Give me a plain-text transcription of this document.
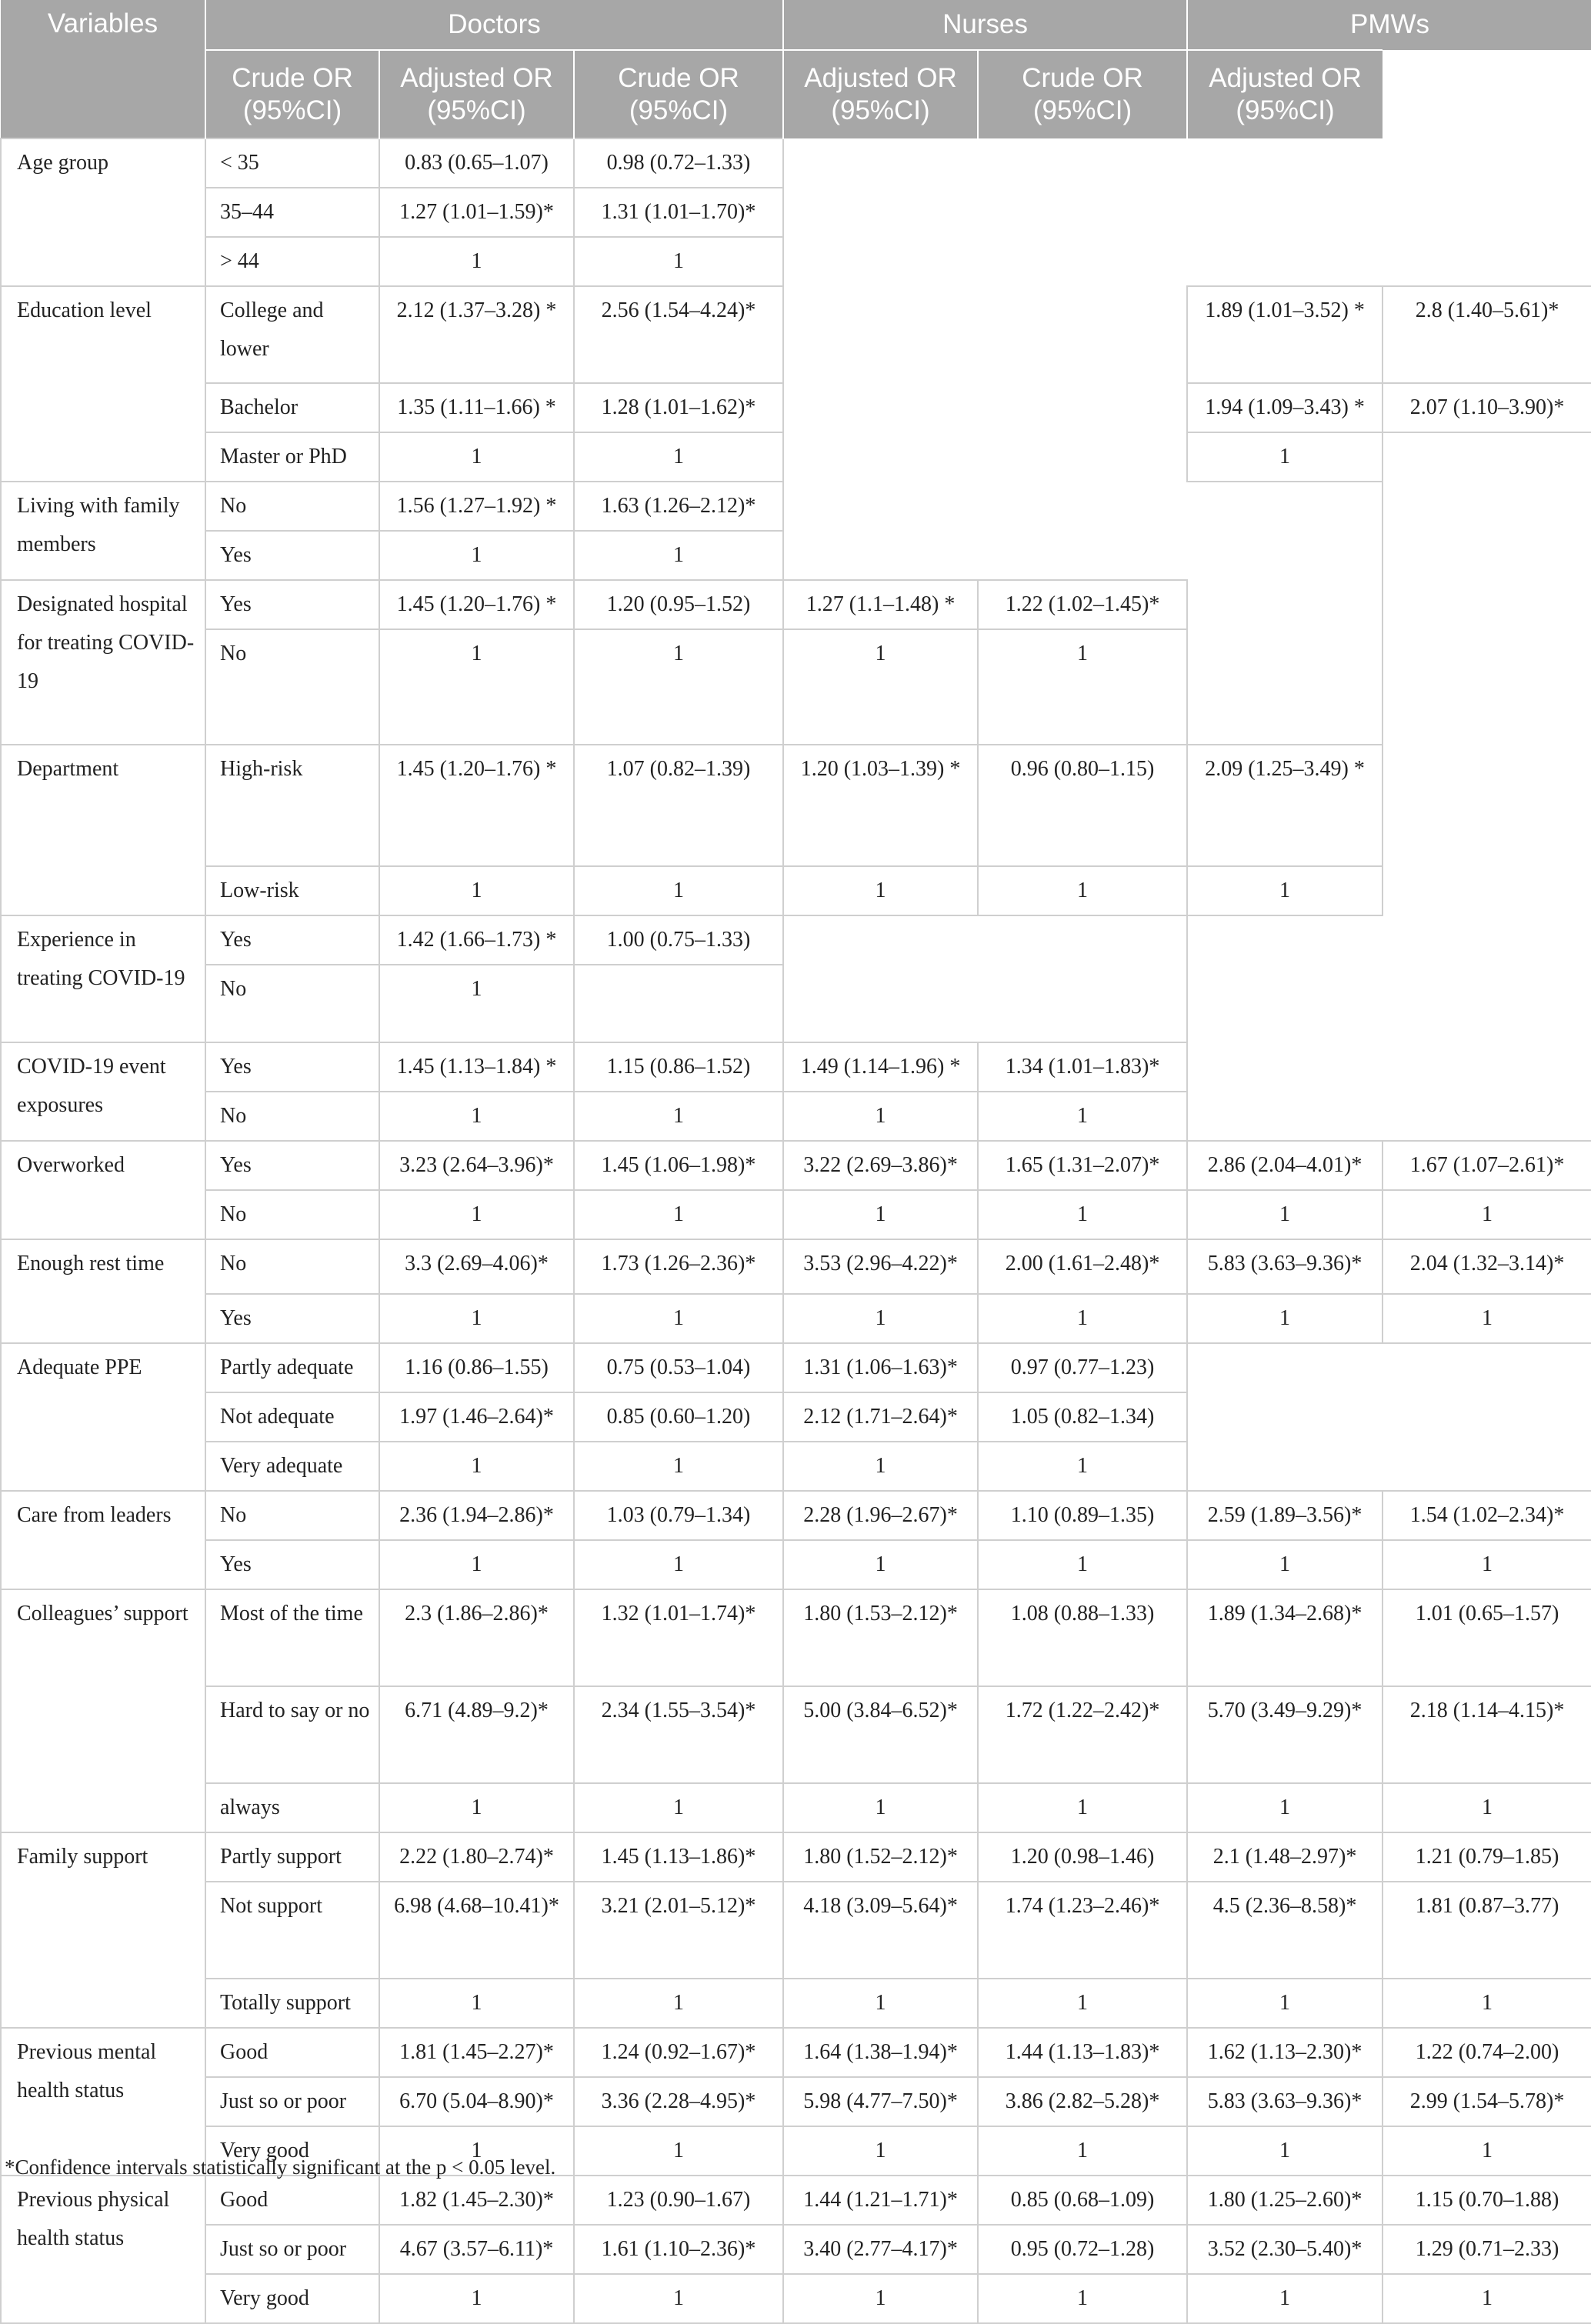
Variables	Doctors			Nurses		PMWs		
	Crude OR (95%CI)	Adjusted OR (95%CI)	Crude OR (95%CI)	Adjusted OR (95%CI)	Crude OR (95%CI)	Adjusted OR (95%CI)		
Age group	< 35	0.83 (0.65–1.07)	0.98 (0.72–1.33)					
	35–44	1.27 (1.01–1.59)*	1.31 (1.01–1.70)*					
	> 44	1	1					
Education level	College and lower	2.12 (1.37–3.28) *	2.56 (1.54–4.24)*			1.89 (1.01–3.52) *	2.8 (1.40–5.61)*	
	Bachelor	1.35 (1.11–1.66) *	1.28 (1.01–1.62)*			1.94 (1.09–3.43) *	2.07 (1.10–3.90)*	
	Master or PhD	1	1			1		
Living with family members	No	1.56 (1.27–1.92) *	1.63 (1.26–2.12)*					
	Yes	1	1		
Designated hospital for treating COVID-19	Yes	1.45 (1.20–1.76) *	1.20 (0.95–1.52)	1.27 (1.1–1.48) *	1.22 (1.02–1.45)*			
	No	1	1	1	1			
Department	High-risk	1.45 (1.20–1.76) *	1.07 (0.82–1.39)	1.20 (1.03–1.39) *	0.96 (0.80–1.15)	2.09 (1.25–3.49) *	
	Low-risk	1	1	1	1	1		
Experience in treating COVID-19	Yes	1.42 (1.66–1.73) *	1.00 (0.75–1.33)					
	No	1						
COVID-19 event exposures	Yes	1.45 (1.13–1.84) *	1.15 (0.86–1.52)	1.49 (1.14–1.96) *	1.34 (1.01–1.83)*			
	No	1	1	1	1			
Overworked	Yes	3.23 (2.64–3.96)*	1.45 (1.06–1.98)*	3.22 (2.69–3.86)*	1.65 (1.31–2.07)*	2.86 (2.04–4.01)*	1.67 (1.07–2.61)*	
	No	1	1	1	1	1	1	
Enough rest time	No	3.3 (2.69–4.06)*	1.73 (1.26–2.36)*	3.53 (2.96–4.22)*	2.00 (1.61–2.48)*	5.83 (3.63–9.36)*	2.04 (1.32–3.14)*	
	Yes	1	1	1	1	1	1	
Adequate PPE	Partly adequate	1.16 (0.86–1.55)	0.75 (0.53–1.04)	1.31 (1.06–1.63)*	0.97 (0.77–1.23)			
	Not adequate	1.97 (1.46–2.64)*	0.85 (0.60–1.20)	2.12 (1.71–2.64)*	1.05 (0.82–1.34)			
	Very adequate	1	1	1	1			
Care from leaders	No	2.36 (1.94–2.86)*	1.03 (0.79–1.34)	2.28 (1.96–2.67)*	1.10 (0.89–1.35)	2.59 (1.89–3.56)*	1.54 (1.02–2.34)*	
	Yes	1	1	1	1	1	1	
Colleagues’ support	Most of the time	2.3 (1.86–2.86)*	1.32 (1.01–1.74)*	1.80 (1.53–2.12)*	1.08 (0.88–1.33)	1.89 (1.34–2.68)*	1.01 (0.65–1.57)	
	Hard to say or no	6.71 (4.89–9.2)*	2.34 (1.55–3.54)*	5.00 (3.84–6.52)*	1.72 (1.22–2.42)*	5.70 (3.49–9.29)*	2.18 (1.14–4.15)*	
	always	1	1	1	1	1	1	
Family support	Partly support	2.22 (1.80–2.74)*	1.45 (1.13–1.86)*	1.80 (1.52–2.12)*	1.20 (0.98–1.46)	2.1 (1.48–2.97)*	1.21 (0.79–1.85)	
	Not support	6.98 (4.68–10.41)*	3.21 (2.01–5.12)*	4.18 (3.09–5.64)*	1.74 (1.23–2.46)*	4.5 (2.36–8.58)*	1.81 (0.87–3.77)	
	Totally support	1	1	1	1	1	1	
Previous mental health status	Good	1.81 (1.45–2.27)*	1.24 (0.92–1.67)*	1.64 (1.38–1.94)*	1.44 (1.13–1.83)*	1.62 (1.13–2.30)*	1.22 (0.74–2.00)	
	Just so or poor	6.70 (5.04–8.90)*	3.36 (2.28–4.95)*	5.98 (4.77–7.50)*	3.86 (2.82–5.28)*	5.83 (3.63–9.36)*	2.99 (1.54–5.78)*	
	Very good	1	1	1	1	1	1	
Previous physical health status	Good	1.82 (1.45–2.30)*	1.23 (0.90–1.67)	1.44 (1.21–1.71)*	0.85 (0.68–1.09)	1.80 (1.25–2.60)*	1.15 (0.70–1.88)	
	Just so or poor	4.67 (3.57–6.11)*	1.61 (1.10–2.36)*	3.40 (2.77–4.17)*	0.95 (0.72–1.28)	3.52 (2.30–5.40)*	1.29 (0.71–2.33)	
	Very good	1	1	1	1	1	1	
*Confidence intervals statistically significant at the p < 0.05 level.
